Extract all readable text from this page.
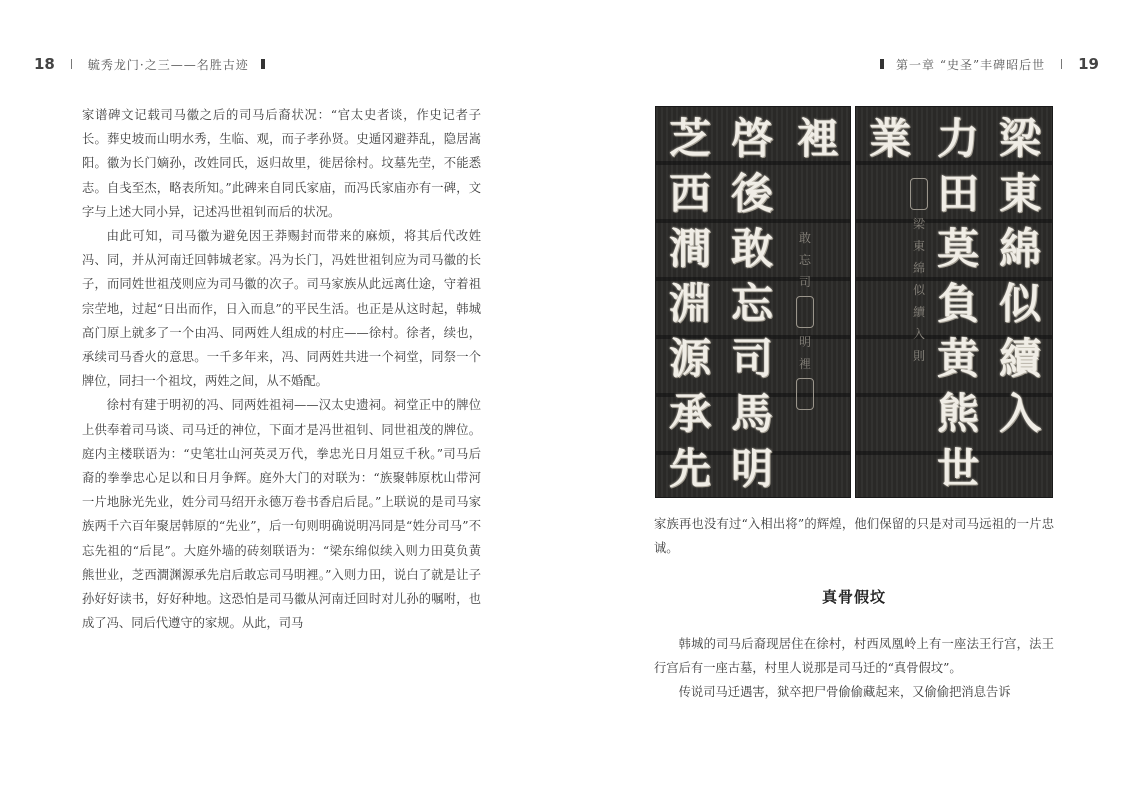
18	毓秀龙门·之三——名胜古迹

家谱碑文记载司马徽之后的司马后裔状况：“官太史者谈，作史记者子长。葬史坡而山明水秀，生临、观，而子孝孙贤。史遁冈避莽乱，隐居嵩阳。徽为长门嫡孙，改姓同氏，返归故里，徙居徐村。坟墓先茔，不能悉志。自戋至杰，略表所知。”此碑来自同氏家庙，而冯氏家庙亦有一碑，文字与上述大同小异，记述冯世祖钊而后的状况。

由此可知，司马徽为避免因王莽赐封而带来的麻烦，将其后代改姓冯、同，并从河南迁回韩城老家。冯为长门，冯姓世祖钊应为司马徽的长子，而同姓世祖茂则应为司马徽的次子。司马家族从此远离仕途，守着祖宗茔地，过起“日出而作，日入而息”的平民生活。也正是从这时起，韩城高门原上就多了一个由冯、同两姓人组成的村庄——徐村。徐者，续也，承续司马香火的意思。一千多年来，冯、同两姓共进一个祠堂，同祭一个牌位，同扫一个祖坟，两姓之间，从不婚配。

徐村有建于明初的冯、同两姓祖祠——汉太史遗祠。祠堂正中的牌位上供奉着司马谈、司马迁的神位，下面才是冯世祖钊、同世祖茂的牌位。庭内主楼联语为：“史笔壮山河英灵万代，拳忠光日月俎豆千秋。”司马后裔的拳拳忠心足以和日月争辉。庭外大门的对联为：“族聚韩原枕山带河一片地脉光先业，姓分司马绍开永德万卷书香启后昆。”上联说的是司马家族两千六百年聚居韩原的“先业”，后一句则明确说明冯同是“姓分司马”不忘先祖的“后昆”。大庭外墙的砖刻联语为：“梁东绵似续入则力田莫负黄熊世业，芝西澗渊源承先启后敢忘司马明裡。”入则力田，说白了就是让子孙好好读书，好好种地。这恐怕是司马徽从河南迁回时对儿孙的嘱咐，也成了冯、同后代遵守的家规。从此，司马

第一章 “史圣”丰碑昭后世 19
芝
西
澗
淵
源
承
先
啓
後
敢
忘
司
馬
明
敢
忘
司
明
裡
裡 業
梁
東
綿
似
續
入
則
力
田
莫
負
黄
熊
世
梁
東
綿
似
續
入

家族再也没有过“入相出将”的辉煌，他们保留的只是对司马远祖的一片忠诚。

真骨假坟

韩城的司马后裔现居住在徐村，村西凤凰岭上有一座法王行宫，法王行宫后有一座古墓，村里人说那是司马迁的“真骨假坟”。

传说司马迁遇害，狱卒把尸骨偷偷藏起来，又偷偷把消息告诉
